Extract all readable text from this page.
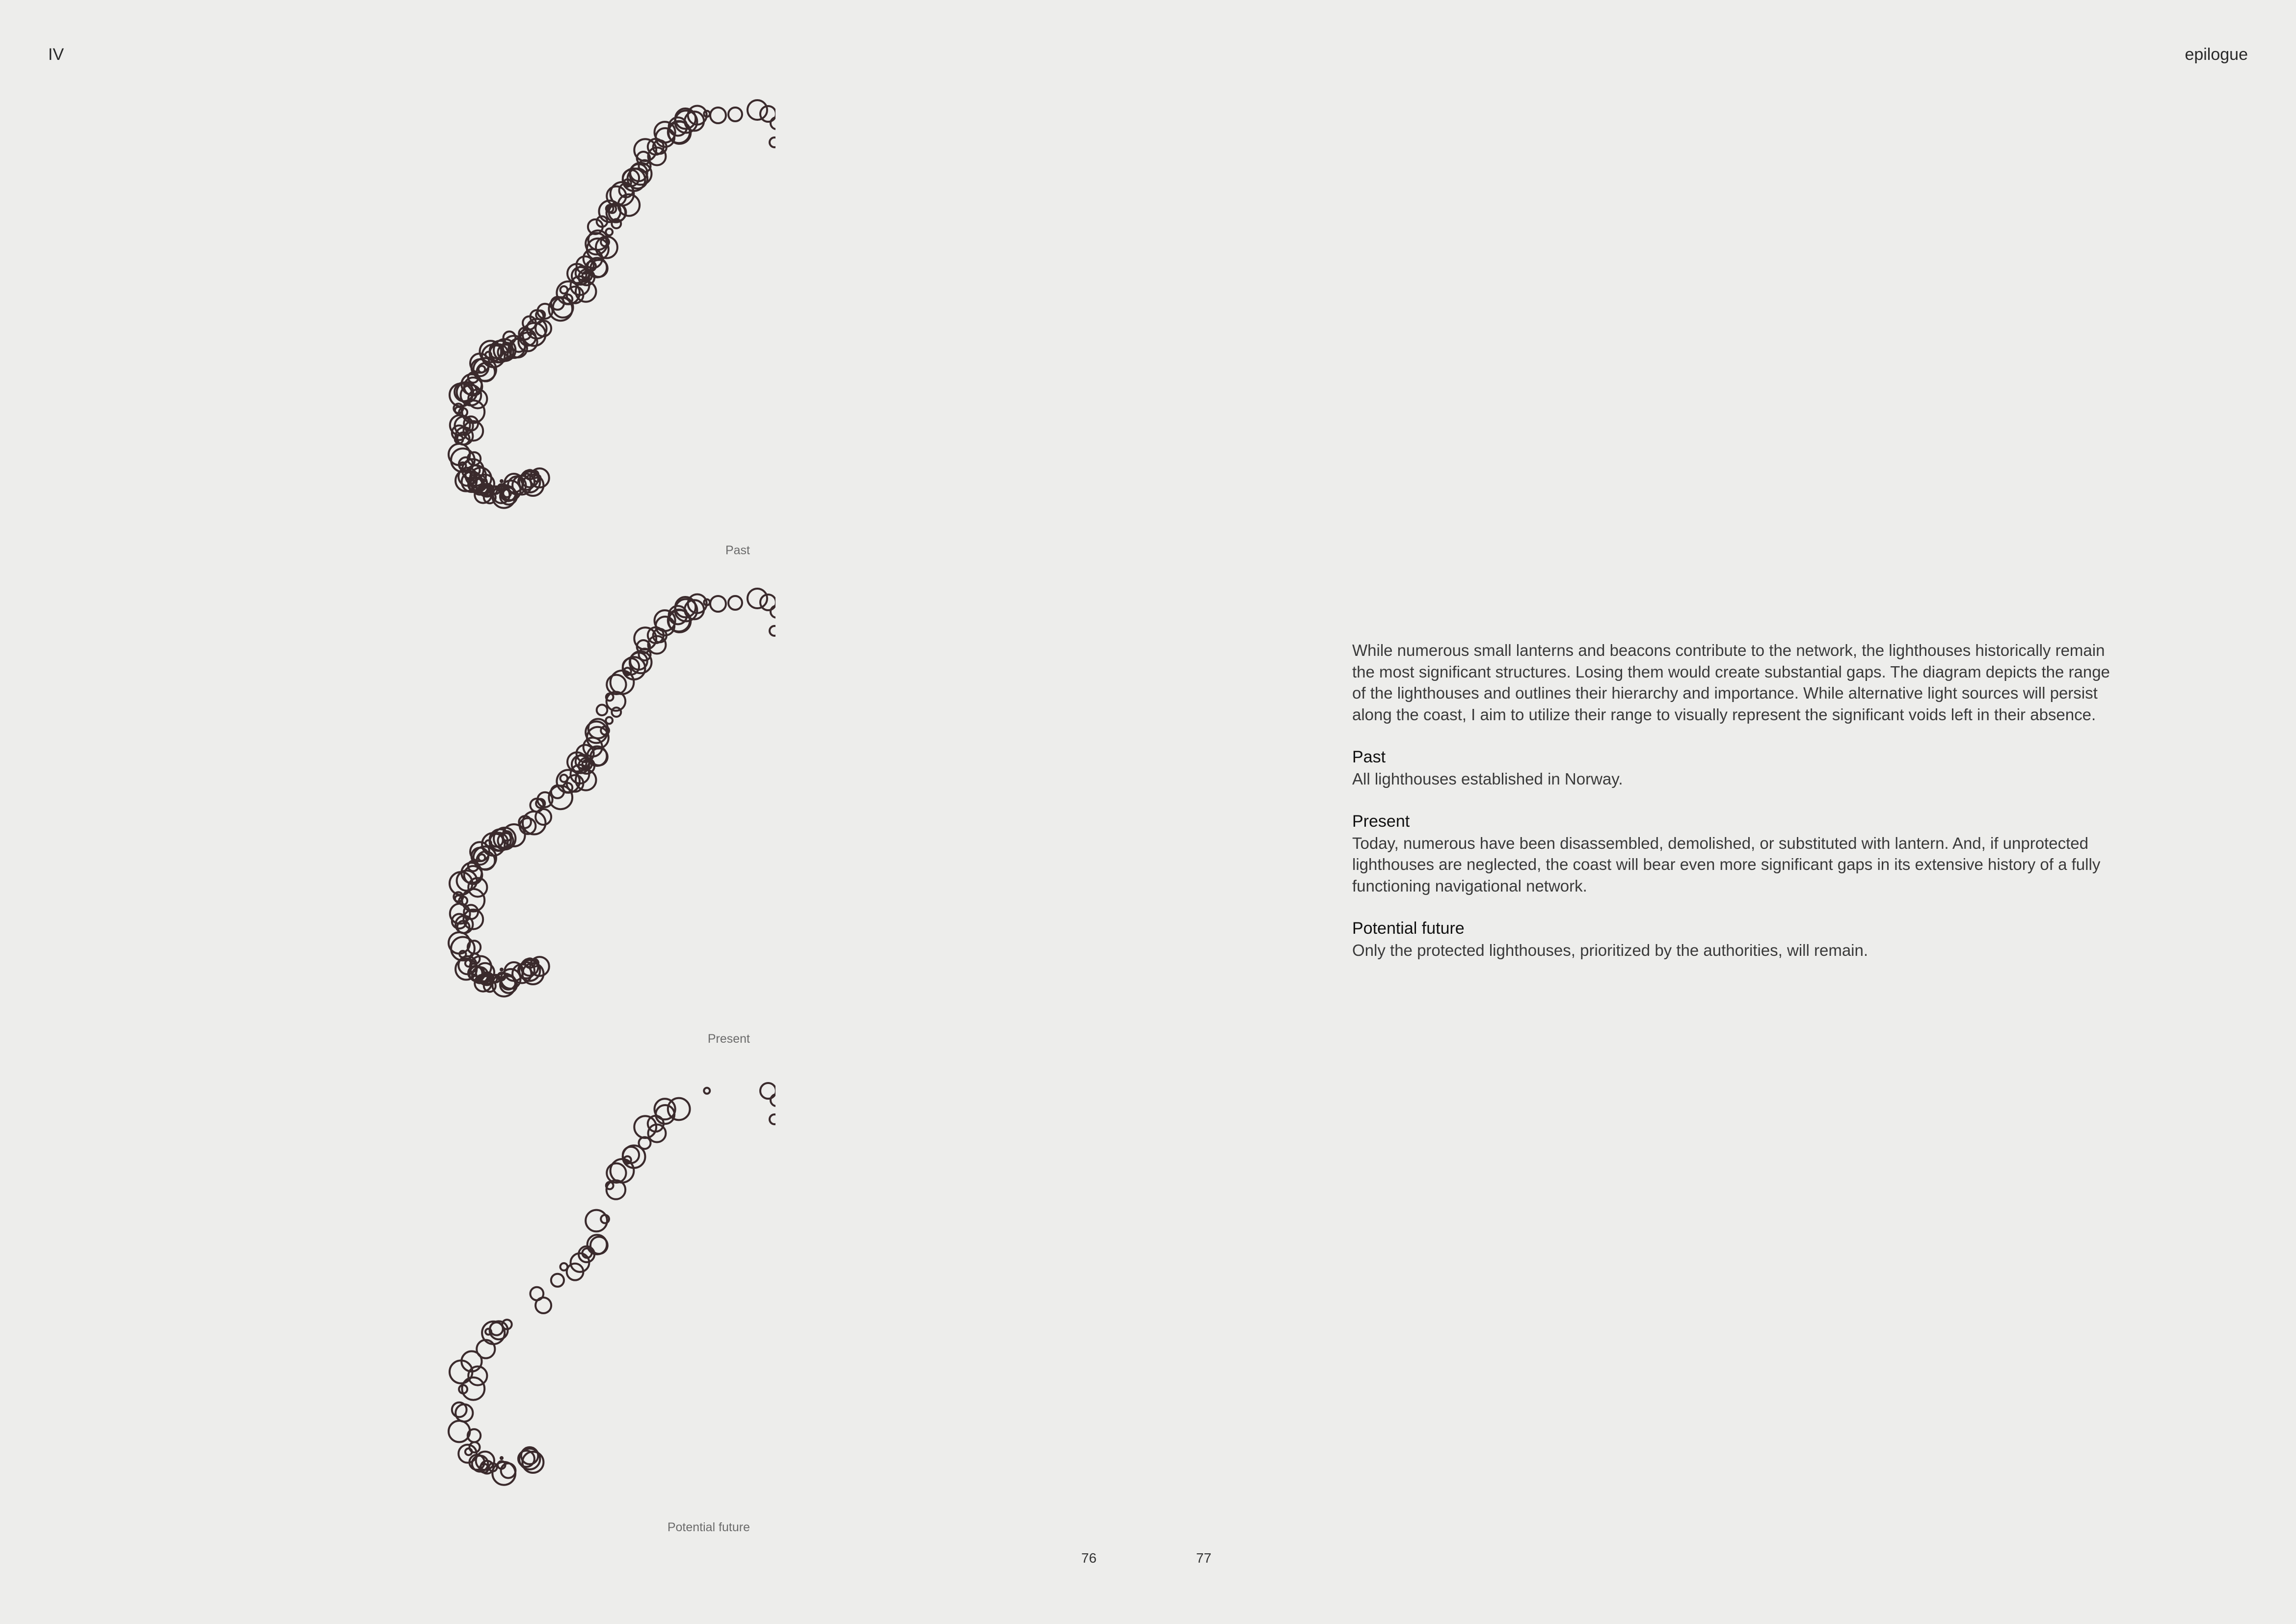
IV	epilogue
Past
Present
Potential future

While numerous small lanterns and beacons contribute to the network, the lighthouses historically remain the most significant structures. Losing them would create substantial gaps. The diagram depicts the range of the lighthouses and outlines their hierarchy and importance. While alternative light sources will persist along the coast, I aim to utilize their range to visually represent the significant voids left in their absence.

Past

All lighthouses established in Norway.

Present

Today, numerous have been disassembled, demolished, or substituted with lantern. And, if unprotected lighthouses are neglected, the coast will bear even more significant gaps in its extensive history of a fully functioning navigational network.

Potential future

Only the protected lighthouses, prioritized by the authorities, will remain.

76	77
